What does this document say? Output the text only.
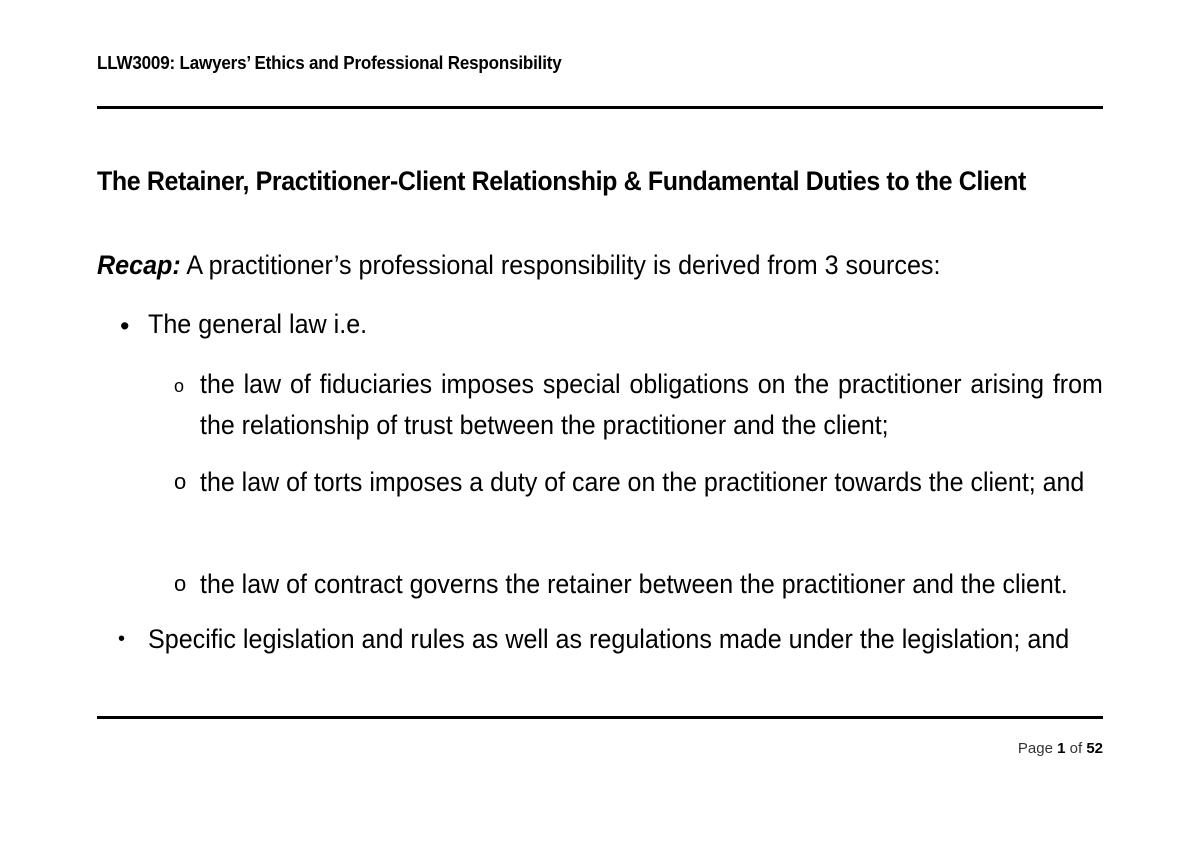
LLW3009: Lawyers’ Ethics and Professional Responsibility
The Retainer, Practitioner-Client Relationship & Fundamental Duties to the Client
Recap: A practitioner’s professional responsibility is derived from 3 sources:
• The general law i.e.
o the law of fiduciaries imposes special obligations on the practitioner arising from the relationship of trust between the practitioner and the client;
o the law of torts imposes a duty of care on the practitioner towards the client; and
o the law of contract governs the retainer between the practitioner and the client.
• Specific legislation and rules as well as regulations made under the legislation; and
Page 1 of 52
